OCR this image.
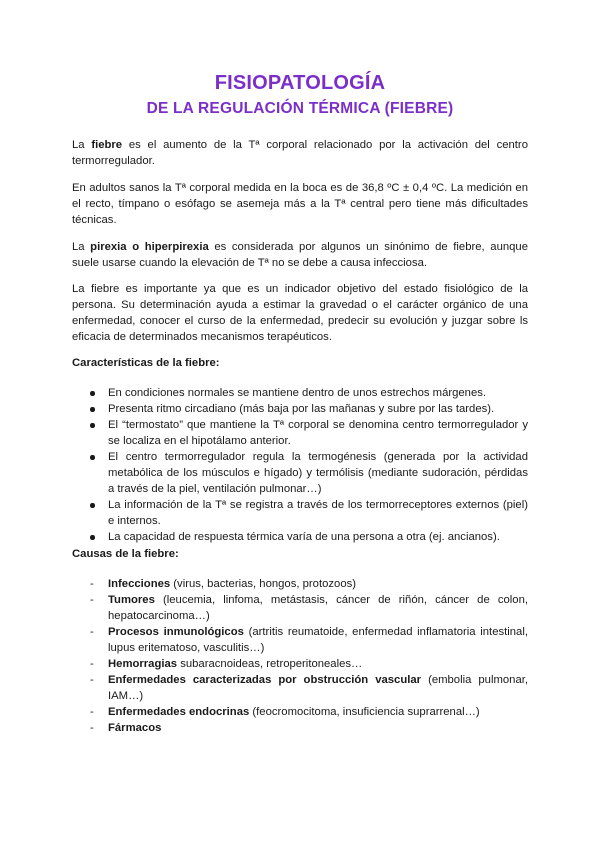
FISIOPATOLOGÍA
DE LA REGULACIÓN TÉRMICA (FIEBRE)
La fiebre es el aumento de la Tª corporal relacionado por la activación del centro termorregulador.
En adultos sanos la Tª corporal medida en la boca es de 36,8 ºC ± 0,4 ºC. La medición en el recto, tímpano o esófago se asemeja más a la Tª central pero tiene más dificultades técnicas.
La pirexia o hiperpirexia es considerada por algunos un sinónimo de fiebre, aunque suele usarse cuando la elevación de Tª no se debe a causa infecciosa.
La fiebre es importante ya que es un indicador objetivo del estado fisiológico de la persona. Su determinación ayuda a estimar la gravedad o el carácter orgánico de una enfermedad, conocer el curso de la enfermedad, predecir su evolución y juzgar sobre ls eficacia de determinados mecanismos terapéuticos.
Características de la fiebre:
En condiciones normales se mantiene dentro de unos estrechos márgenes.
Presenta ritmo circadiano (más baja por las mañanas y subre por las tardes).
El “termostato” que mantiene la Tª corporal se denomina centro termorregulador y se localiza en el hipotálamo anterior.
El centro termorregulador regula la termogénesis (generada por la actividad metabólica de los músculos e hígado) y termólisis (mediante sudoración, pérdidas a través de la piel, ventilación pulmonar…)
La información de la Tª se registra a través de los termorreceptores externos (piel) e internos.
La capacidad de respuesta térmica varía de una persona a otra (ej. ancianos).
Causas de la fiebre:
- Infecciones (virus, bacterias, hongos, protozoos)
- Tumores (leucemia, linfoma, metástasis, cáncer de riñón, cáncer de colon, hepatocarcinoma…)
- Procesos inmunológicos (artritis reumatoide, enfermedad inflamatoria intestinal, lupus eritematoso, vasculitis…)
- Hemorragias subaracnoideas, retroperitoneales…
- Enfermedades caracterizadas por obstrucción vascular (embolia pulmonar, IAM…)
- Enfermedades endocrinas (feocromocitoma, insuficiencia suprarrenal…)
- Fármacos
